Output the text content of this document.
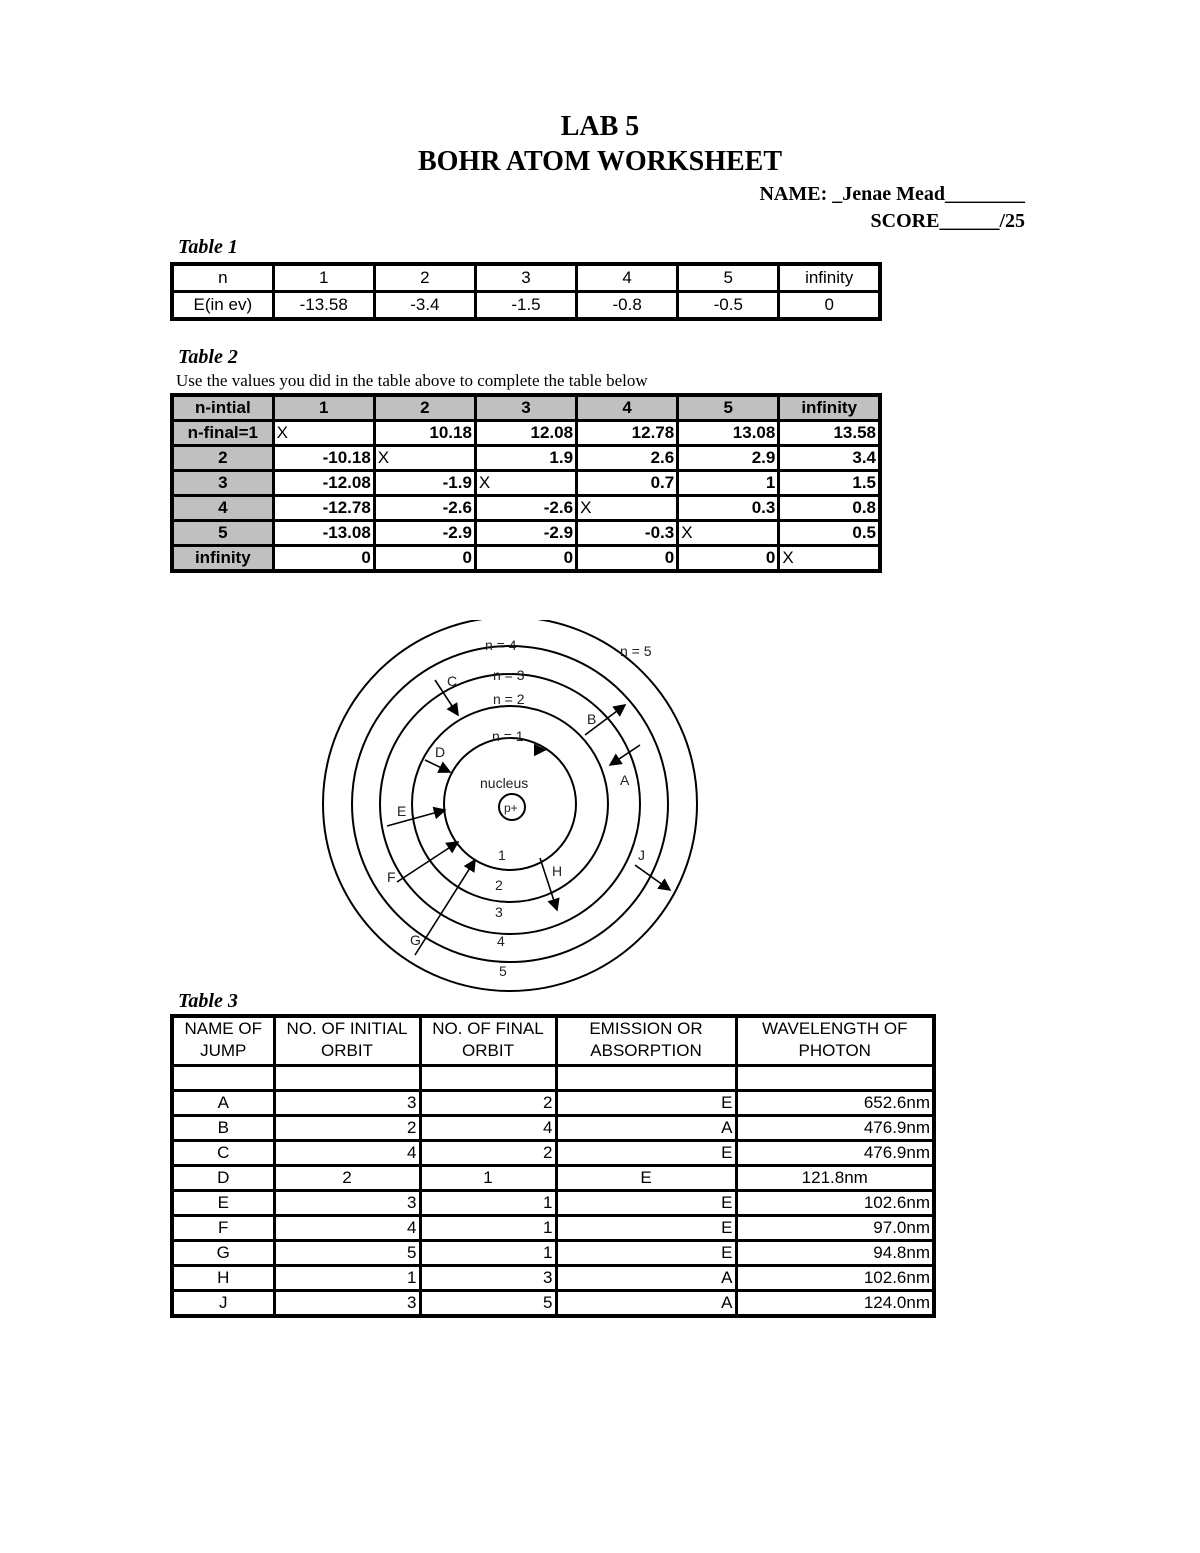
LAB 5
BOHR ATOM WORKSHEET
NAME: _Jenae Mead________
SCORE______/25
Table 1
n	1	2	3	4	5	infinity
E(in ev)	-13.58	-3.4	-1.5	-0.8	-0.5	0
Table 2
Use the values you did in the table above to complete the table below
n-intial	1	2	3	4	5	infinity
n-final=1	X	10.18	12.08	12.78	13.08	13.58
2	-10.18	X	1.9	2.6	2.9	3.4
3	-12.08	-1.9	X	0.7	1	1.5
4	-12.78	-2.6	-2.6	X	0.3	0.8
5	-13.08	-2.9	-2.9	-0.3	X	0.5
infinity	0	0	0	0	0	X
n = 4	n = 5
n = 3
n = 2
n = 1
nucleus
p+
1
2
3
4
5
A
B
C
D
E
F
G
H
J
Table 3
NAME OF JUMP	NO. OF INITIAL ORBIT	NO. OF FINAL ORBIT	EMISSION OR ABSORPTION	WAVELENGTH OF PHOTON

A	3	2	E	652.6nm
B	2	4	A	476.9nm
C	4	2	E	476.9nm
D	2	1	E	121.8nm
E	3	1	E	102.6nm
F	4	1	E	97.0nm
G	5	1	E	94.8nm
H	1	3	A	102.6nm
J	3	5	A	124.0nm
